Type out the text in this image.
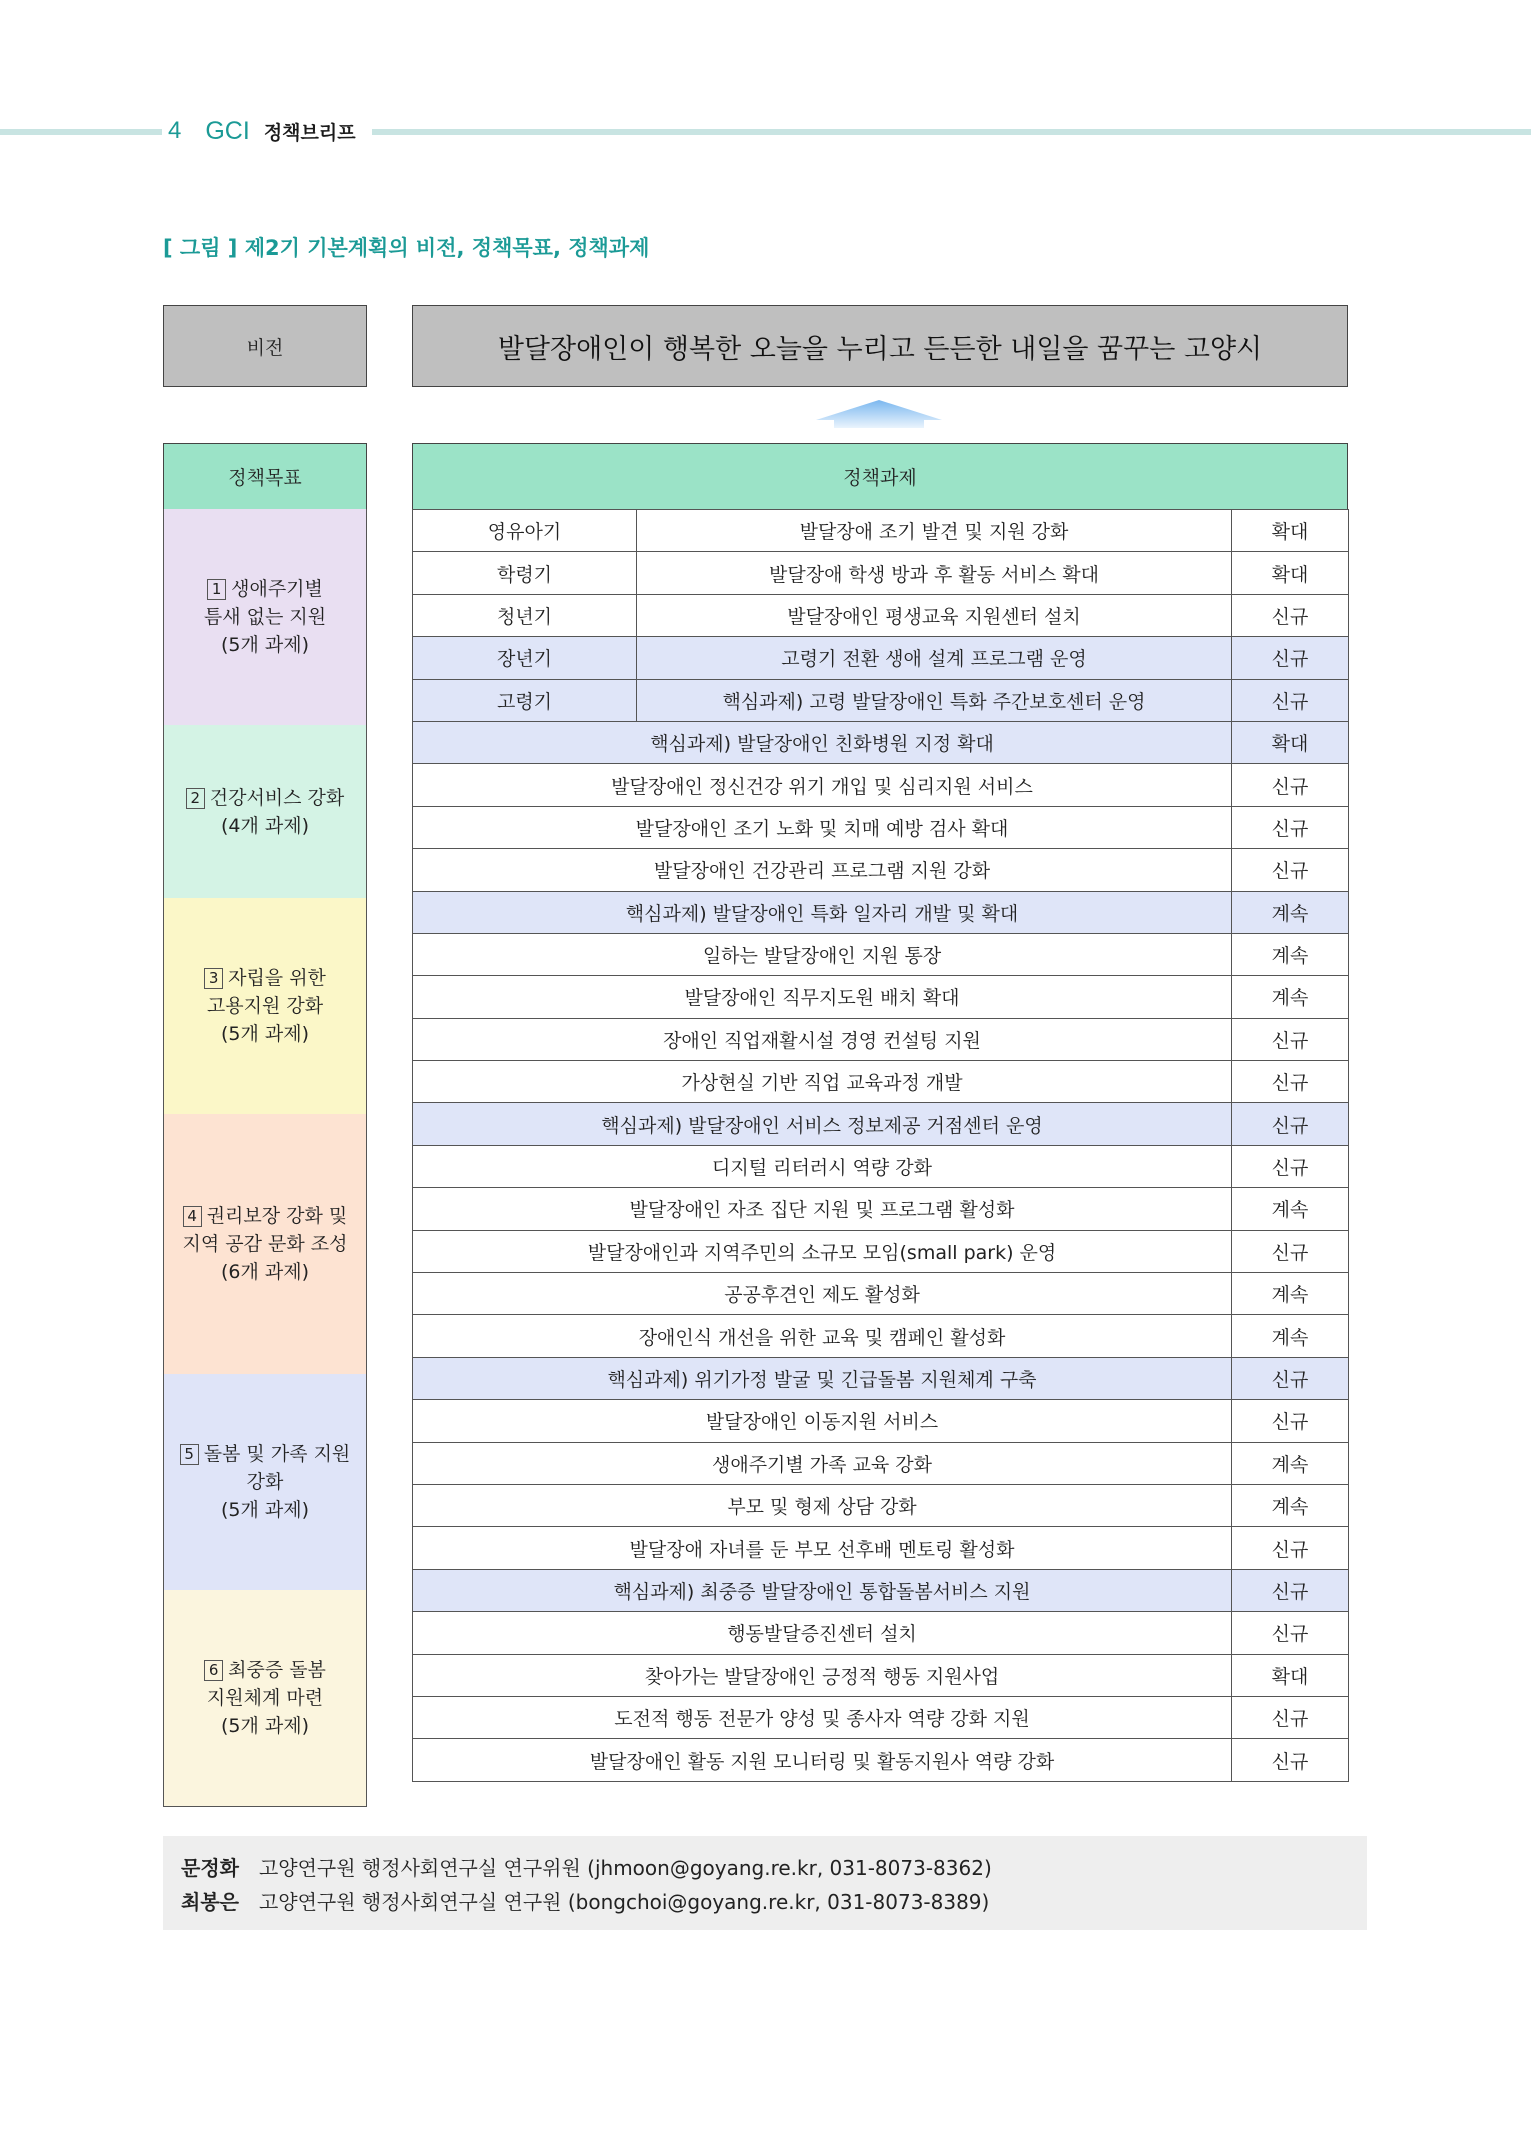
4 GCI 정책브리프
[ 그림 ] 제2기 기본계획의 비전, 정책목표, 정책과제
비전	발달장애인이 행복한 오늘을 누리고 든든한 내일을 꿈꾸는 고양시
정책목표
1 생애주기별
틈새 없는 지원
(5개 과제)
2 건강서비스 강화
(4개 과제)
3 자립을 위한
고용지원 강화
(5개 과제)
4 권리보장 강화 및
지역 공감 문화 조성
(6개 과제)
5 돌봄 및 가족 지원
강화
(5개 과제)
6 최중증 돌봄
지원체계 마련
(5개 과제)
정책과제
영유아기	발달장애 조기 발견 및 지원 강화	확대
학령기	발달장애 학생 방과 후 활동 서비스 확대	확대
청년기	발달장애인 평생교육 지원센터 설치	신규
장년기	고령기 전환 생애 설계 프로그램 운영	신규
고령기	핵심과제) 고령 발달장애인 특화 주간보호센터 운영	신규
핵심과제) 발달장애인 친화병원 지정 확대		확대
발달장애인 정신건강 위기 개입 및 심리지원 서비스		신규
발달장애인 조기 노화 및 치매 예방 검사 확대		신규
발달장애인 건강관리 프로그램 지원 강화		신규
핵심과제) 발달장애인 특화 일자리 개발 및 확대		계속
일하는 발달장애인 지원 통장		계속
발달장애인 직무지도원 배치 확대		계속
장애인 직업재활시설 경영 컨설팅 지원		신규
가상현실 기반 직업 교육과정 개발		신규
핵심과제) 발달장애인 서비스 정보제공 거점센터 운영		신규
디지털 리터러시 역량 강화		신규
발달장애인 자조 집단 지원 및 프로그램 활성화		계속
발달장애인과 지역주민의 소규모 모임(small park) 운영		신규
공공후견인 제도 활성화		계속
장애인식 개선을 위한 교육 및 캠페인 활성화		계속
핵심과제) 위기가정 발굴 및 긴급돌봄 지원체계 구축		신규
발달장애인 이동지원 서비스		신규
생애주기별 가족 교육 강화		계속
부모 및 형제 상담 강화		계속
발달장애 자녀를 둔 부모 선후배 멘토링 활성화		신규
핵심과제) 최중증 발달장애인 통합돌봄서비스 지원		신규
행동발달증진센터 설치		신규
찾아가는 발달장애인 긍정적 행동 지원사업		확대
도전적 행동 전문가 양성 및 종사자 역량 강화 지원		신규
발달장애인 활동 지원 모니터링 및 활동지원사 역량 강화		신규
문정화 고양연구원 행정사회연구실 연구위원 (jhmoon@goyang.re.kr, 031-8073-8362)
최봉은 고양연구원 행정사회연구실 연구원 (bongchoi@goyang.re.kr, 031-8073-8389)
